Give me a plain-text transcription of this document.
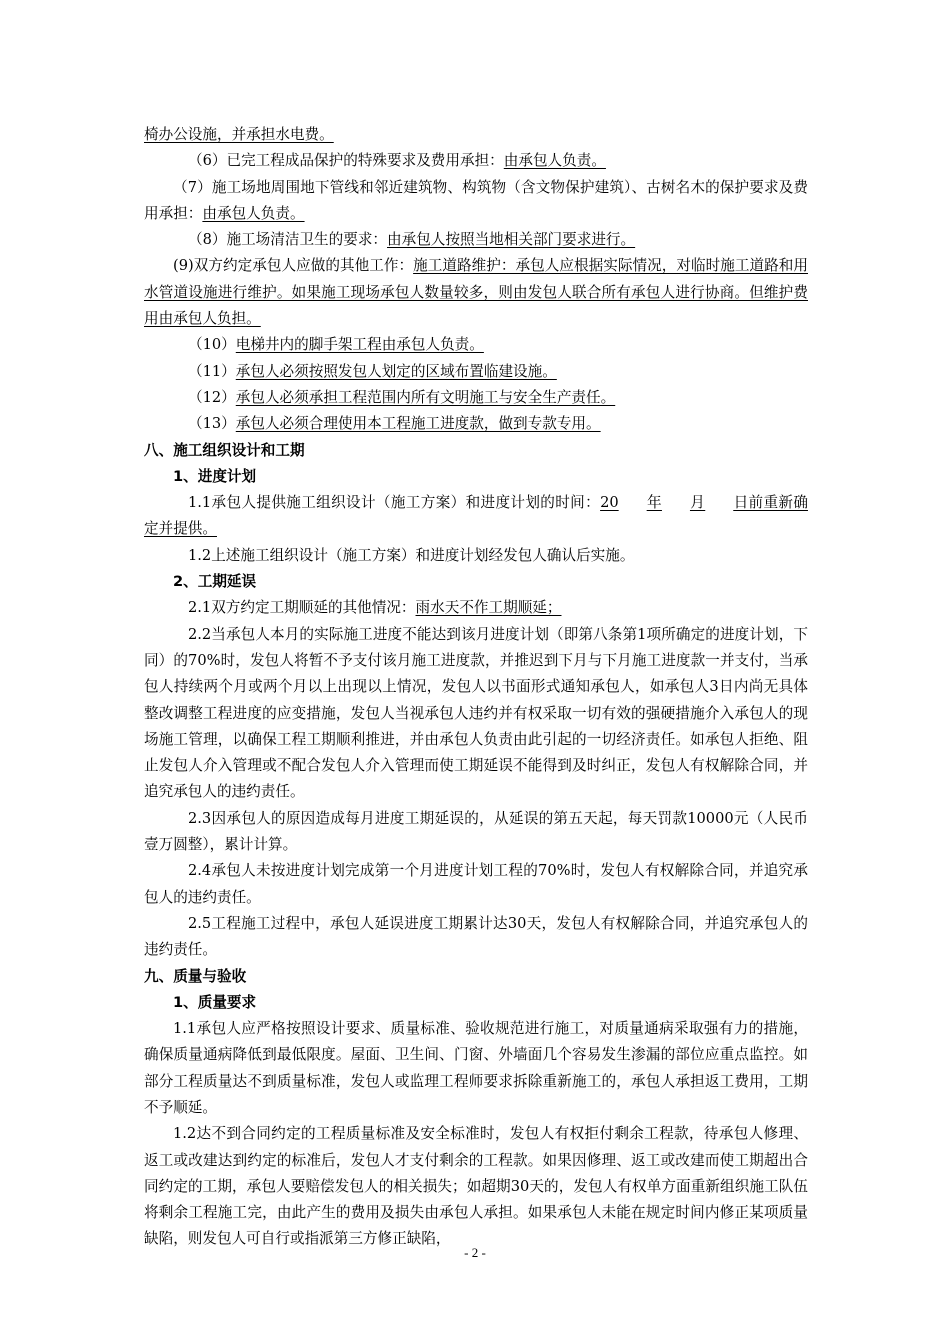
椅办公设施，并承担水电费。

（6）已完工程成品保护的特殊要求及费用承担：由承包人负责。

（7）施工场地周围地下管线和邻近建筑物、构筑物（含文物保护建筑）、古树名木的保护要求及费用承担：由承包人负责。

（8）施工场清洁卫生的要求：由承包人按照当地相关部门要求进行。

(9)双方约定承包人应做的其他工作：施工道路维护：承包人应根据实际情况，对临时施工道路和用水管道设施进行维护。如果施工现场承包人数量较多，则由发包人联合所有承包人进行协商。但维护费用由承包人负担。

（10）电梯井内的脚手架工程由承包人负责。

（11）承包人必须按照发包人划定的区域布置临建设施。

（12）承包人必须承担工程范围内所有文明施工与安全生产责任。

（13）承包人必须合理使用本工程施工进度款，做到专款专用。

八、施工组织设计和工期

1、进度计划

1.1承包人提供施工组织设计（施工方案）和进度计划的时间：20 年 月 日前重新确定并提供。

1.2上述施工组织设计（施工方案）和进度计划经发包人确认后实施。

2、工期延误

2.1双方约定工期顺延的其他情况：雨水天不作工期顺延；

2.2当承包人本月的实际施工进度不能达到该月进度计划（即第八条第1项所确定的进度计划，下同）的70%时，发包人将暂不予支付该月施工进度款，并推迟到下月与下月施工进度款一并支付，当承包人持续两个月或两个月以上出现以上情况，发包人以书面形式通知承包人，如承包人3日内尚无具体整改调整工程进度的应变措施，发包人当视承包人违约并有权采取一切有效的强硬措施介入承包人的现场施工管理，以确保工程工期顺利推进，并由承包人负责由此引起的一切经济责任。如承包人拒绝、阻止发包人介入管理或不配合发包人介入管理而使工期延误不能得到及时纠正，发包人有权解除合同，并追究承包人的违约责任。

2.3因承包人的原因造成每月进度工期延误的，从延误的第五天起，每天罚款10000元（人民币壹万圆整），累计计算。

2.4承包人未按进度计划完成第一个月进度计划工程的70%时，发包人有权解除合同，并追究承包人的违约责任。

2.5工程施工过程中，承包人延误进度工期累计达30天，发包人有权解除合同，并追究承包人的违约责任。

九、质量与验收

1、质量要求

1.1承包人应严格按照设计要求、质量标准、验收规范进行施工，对质量通病采取强有力的措施，确保质量通病降低到最低限度。屋面、卫生间、门窗、外墙面几个容易发生渗漏的部位应重点监控。如部分工程质量达不到质量标准，发包人或监理工程师要求拆除重新施工的，承包人承担返工费用，工期不予顺延。

1.2达不到合同约定的工程质量标准及安全标准时，发包人有权拒付剩余工程款，待承包人修理、返工或改建达到约定的标准后，发包人才支付剩余的工程款。如果因修理、返工或改建而使工期超出合同约定的工期，承包人要赔偿发包人的相关损失；如超期30天的，发包人有权单方面重新组织施工队伍将剩余工程施工完，由此产生的费用及损失由承包人承担。如果承包人未能在规定时间内修正某项质量缺陷，则发包人可自行或指派第三方修正缺陷，

- 2 -
